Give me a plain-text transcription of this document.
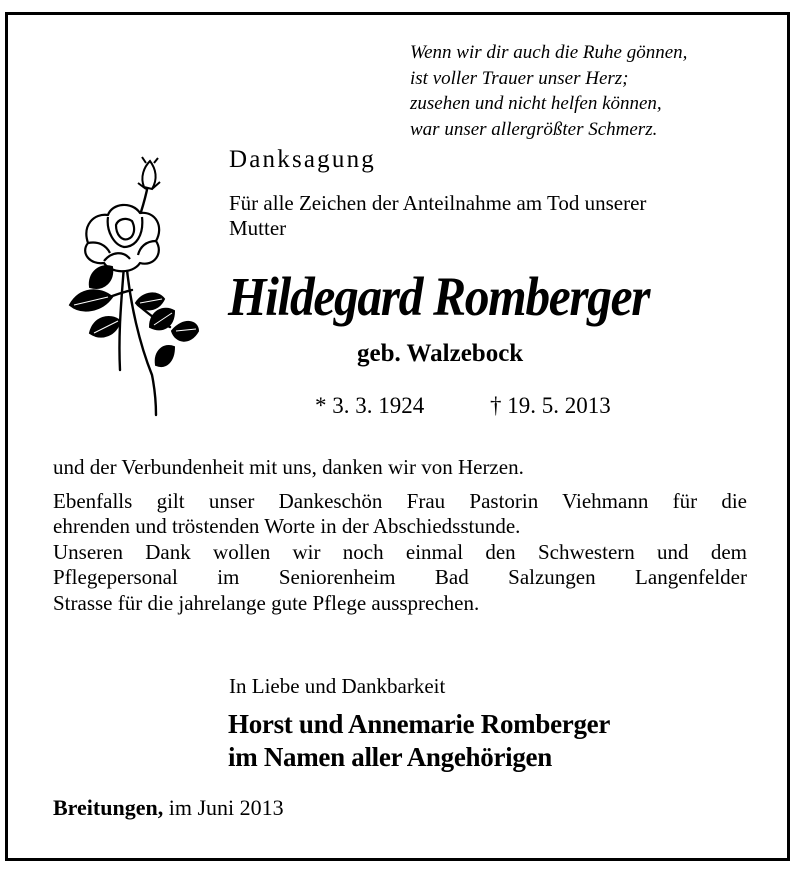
Wenn wir dir auch die Ruhe gönnen,
ist voller Trauer unser Herz;
zusehen und nicht helfen können,
war unser allergrößter Schmerz.
Danksagung
Für alle Zeichen der Anteilnahme am Tod unserer
Mutter
Hildegard Romberger
geb. Walzebock
* 3. 3. 1924	† 19. 5. 2013

und der Verbundenheit mit uns, danken wir von Herzen.

Ebenfalls gilt unser Dankeschön Frau Pastorin Viehmann für die

ehrenden und tröstenden Worte in der Abschiedsstunde.

Unseren Dank wollen wir noch einmal den Schwestern und dem

Pflegepersonal im Seniorenheim Bad Salzungen Langenfelder

Strasse für die jahrelange gute Pflege aussprechen.

In Liebe und Dankbarkeit
Horst und Annemarie Romberger
im Namen aller Angehörigen
Breitungen, im Juni 2013
